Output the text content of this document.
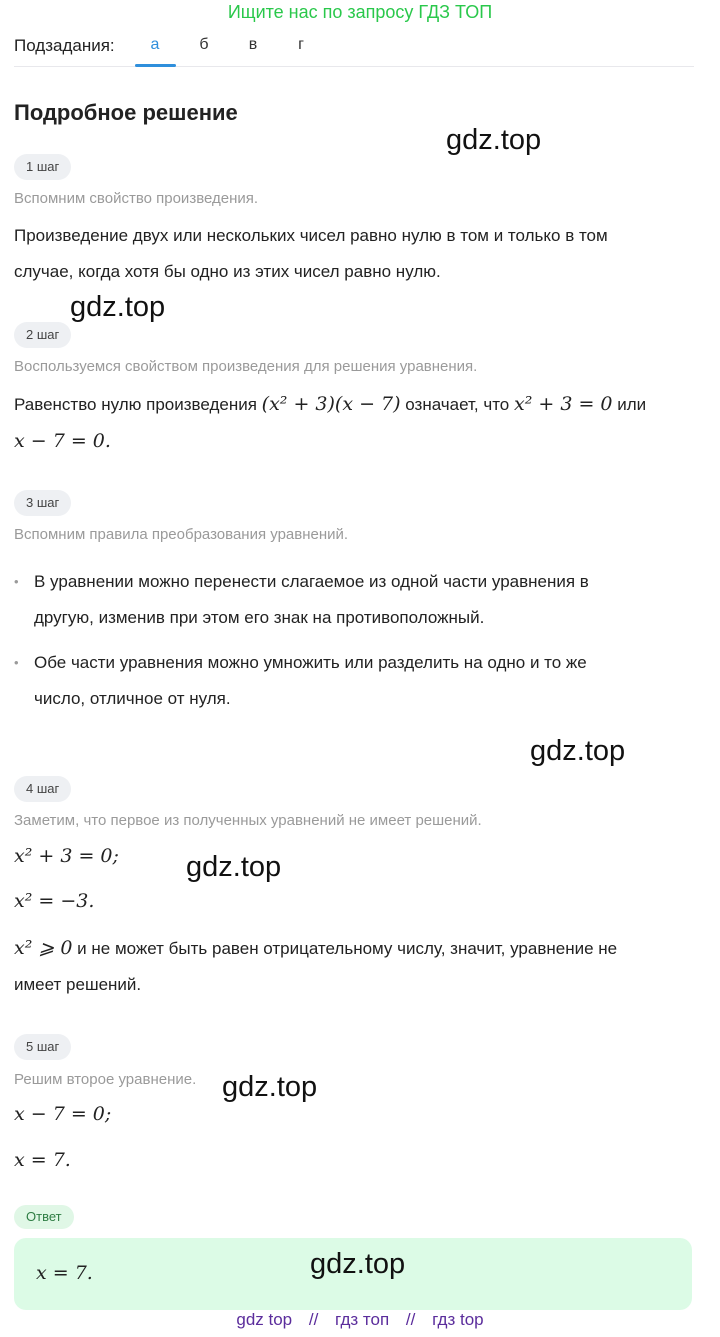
Ищите нас по запросу ГДЗ ТОП
Подзадания:	а	б	в	г
Подробное решение
1 шаг
Вспомним свойство произведения.
Произведение двух или нескольких чисел равно нулю в том и только в том
случае, когда хотя бы одно из этих чисел равно нулю.
2 шаг
Воспользуемся свойством произведения для решения уравнения.
Равенство нулю произведения (x² + 3)(x − 7) означает, что x² + 3 = 0 или
x − 7 = 0.
3 шаг
Вспомним правила преобразования уравнений.
• В уравнении можно перенести слагаемое из одной части уравнения в
другую, изменив при этом его знак на противоположный.
• Обе части уравнения можно умножить или разделить на одно и то же
число, отличное от нуля.
4 шаг
Заметим, что первое из полученных уравнений не имеет решений.
x² + 3 = 0;
x² = −3.
x² ⩾ 0 и не может быть равен отрицательному числу, значит, уравнение не
имеет решений.
5 шаг
Решим второе уравнение.
x − 7 = 0;
x = 7.
Ответ
x = 7.
gdz.top
gdz.top
gdz.top
gdz.top
gdz.top
gdz.top
gdz top // гдз топ // гдз top
